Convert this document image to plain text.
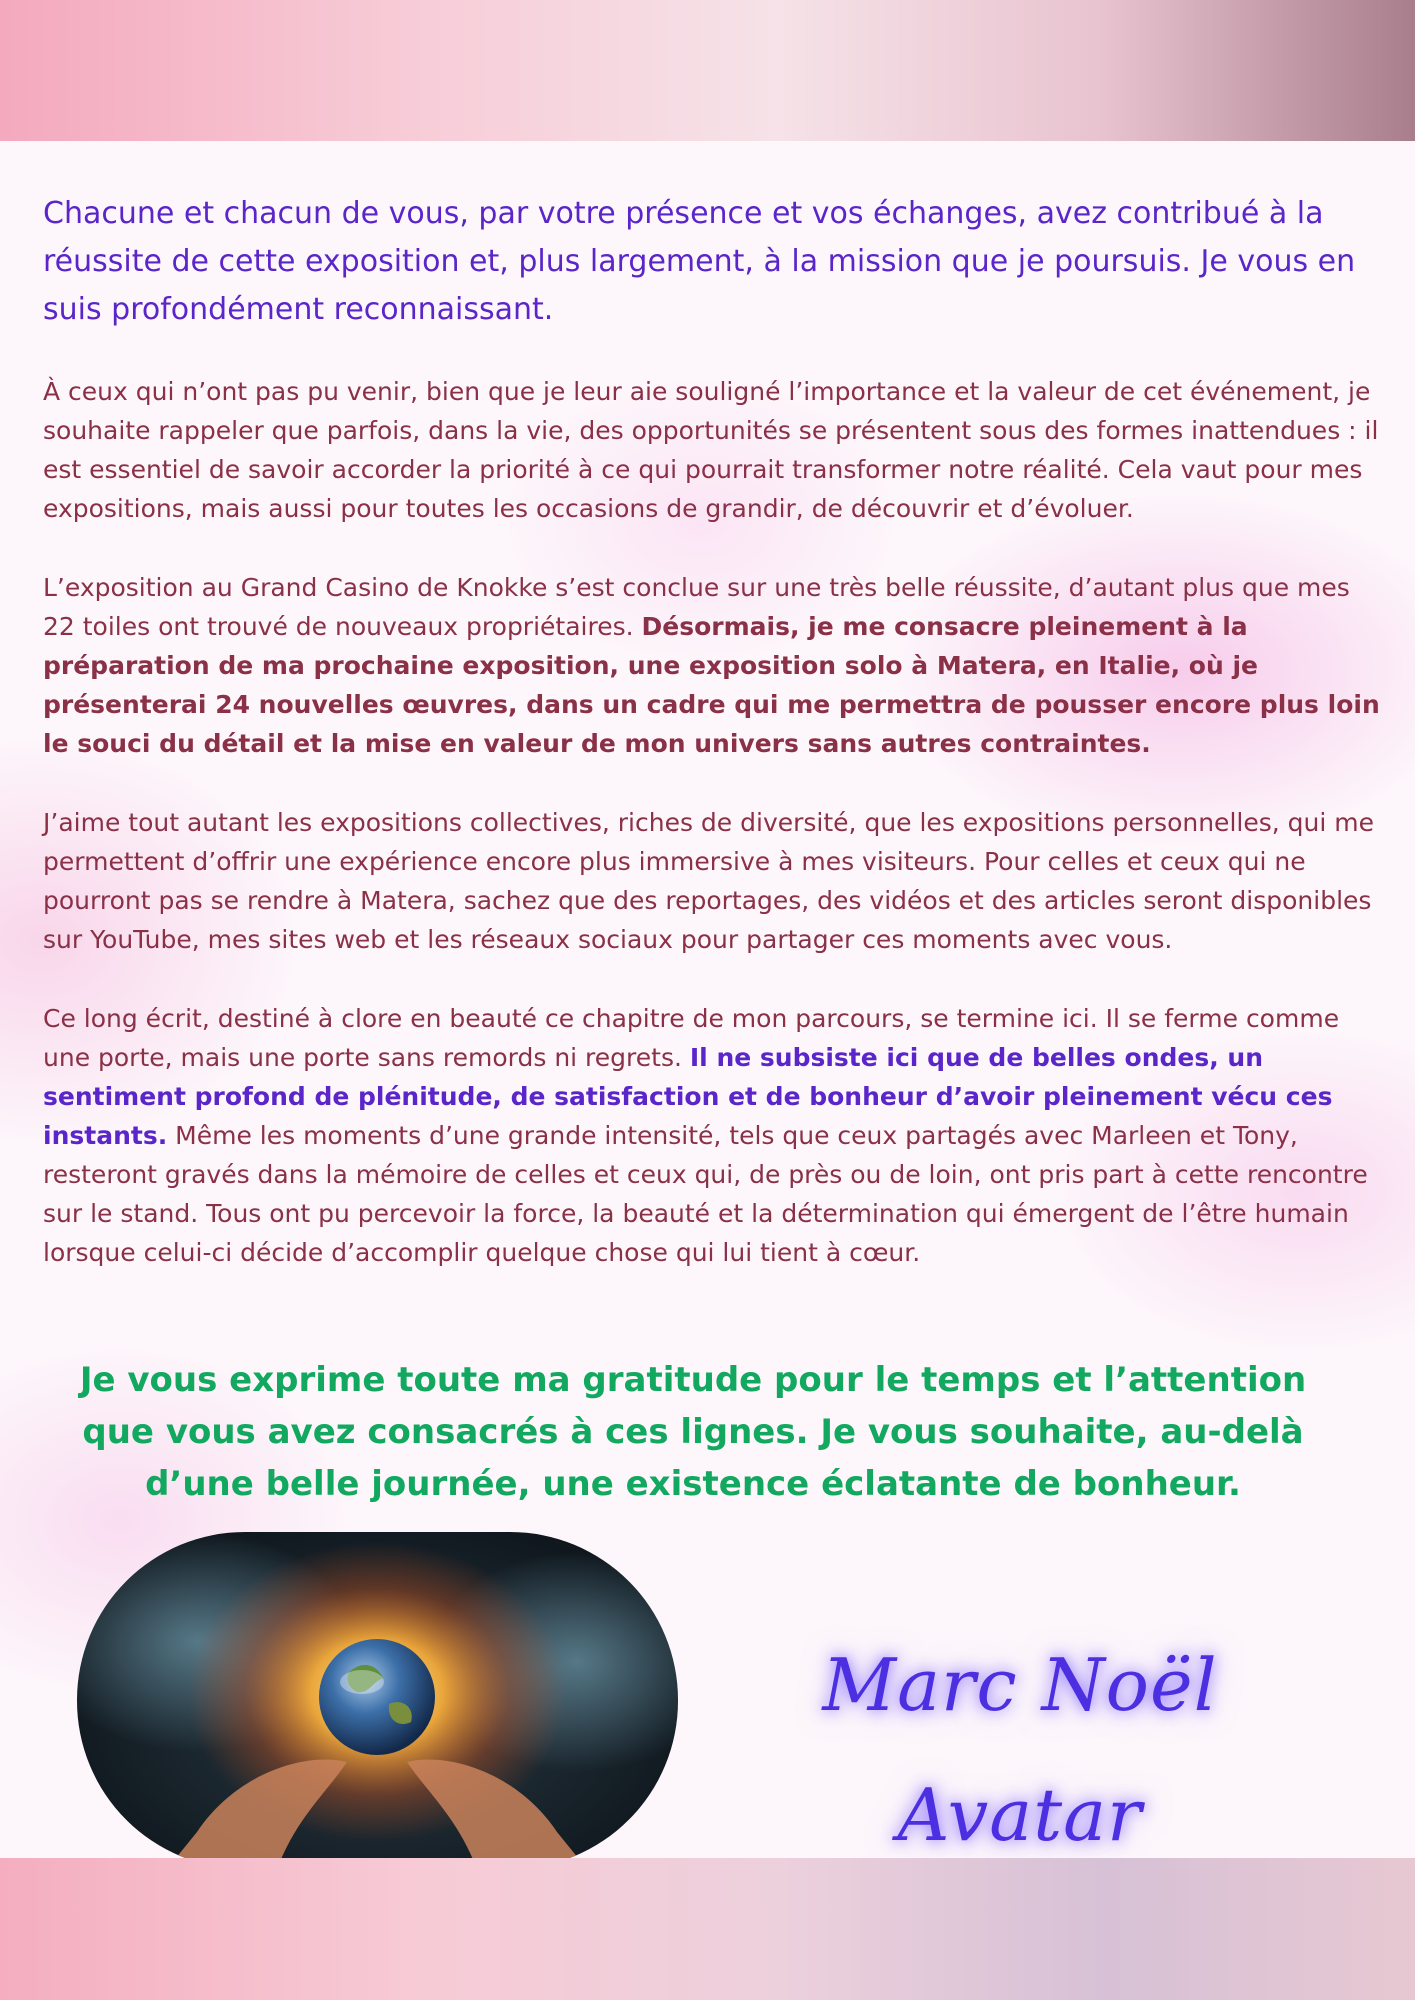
Chacune et chacun de vous, par votre présence et vos échanges, avez contribué à la réussite de cette exposition et, plus largement, à la mission que je poursuis. Je vous en suis profondément reconnaissant.

À ceux qui n’ont pas pu venir, bien que je leur aie souligné l’importance et la valeur de cet événement, je souhaite rappeler que parfois, dans la vie, des opportunités se présentent sous des formes inattendues : il est essentiel de savoir accorder la priorité à ce qui pourrait transformer notre réalité. Cela vaut pour mes expositions, mais aussi pour toutes les occasions de grandir, de découvrir et d’évoluer.

L’exposition au Grand Casino de Knokke s’est conclue sur une très belle réussite, d’autant plus que mes 22 toiles ont trouvé de nouveaux propriétaires. Désormais, je me consacre pleinement à la préparation de ma prochaine exposition, une exposition solo à Matera, en Italie, où je présenterai 24 nouvelles œuvres, dans un cadre qui me permettra de pousser encore plus loin le souci du détail et la mise en valeur de mon univers sans autres contraintes.

J’aime tout autant les expositions collectives, riches de diversité, que les expositions personnelles, qui me permettent d’offrir une expérience encore plus immersive à mes visiteurs. Pour celles et ceux qui ne pourront pas se rendre à Matera, sachez que des reportages, des vidéos et des articles seront disponibles sur YouTube, mes sites web et les réseaux sociaux pour partager ces moments avec vous.

Ce long écrit, destiné à clore en beauté ce chapitre de mon parcours, se termine ici. Il se ferme comme une porte, mais une porte sans remords ni regrets. Il ne subsiste ici que de belles ondes, un sentiment profond de plénitude, de satisfaction et de bonheur d’avoir pleinement vécu ces instants. Même les moments d’une grande intensité, tels que ceux partagés avec Marleen et Tony, resteront gravés dans la mémoire de celles et ceux qui, de près ou de loin, ont pris part à cette rencontre sur le stand. Tous ont pu percevoir la force, la beauté et la détermination qui émergent de l’être humain lorsque celui-ci décide d’accomplir quelque chose qui lui tient à cœur.

Je vous exprime toute ma gratitude pour le temps et l’attention que vous avez consacrés à ces lignes. Je vous souhaite, au-delà d’une belle journée, une existence éclatante de bonheur.
Marc Noël Avatar
